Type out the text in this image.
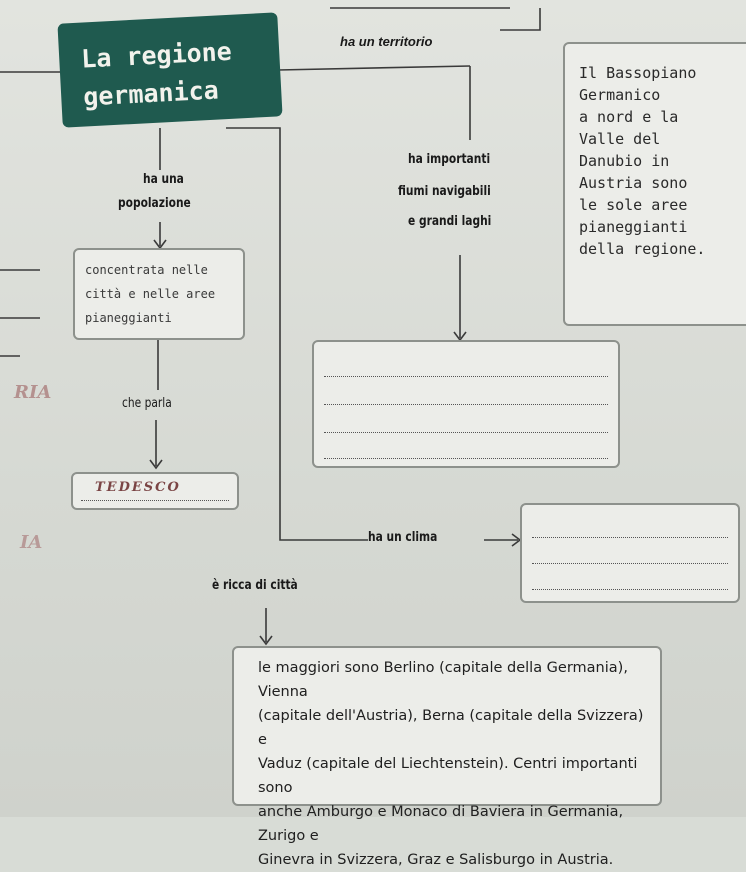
La regione
germanica
ha un territorio
Il Bassopiano
Germanico
a nord e la
Valle del
Danubio in
Austria sono
le sole aree
pianeggianti
della regione.
ha una
popolazione
ha importanti
fiumi navigabili
e grandi laghi
concentrata nelle
città e nelle aree
pianeggianti
che parla
TEDESCO
ha un clima
è ricca di città
le maggiori sono Berlino (capitale della Germania), Vienna
(capitale dell'Austria), Berna (capitale della Svizzera) e
Vaduz (capitale del Liechtenstein). Centri importanti sono
anche Amburgo e Monaco di Baviera in Germania, Zurigo e
Ginevra in Svizzera, Graz e Salisburgo in Austria.
RIA
IA
